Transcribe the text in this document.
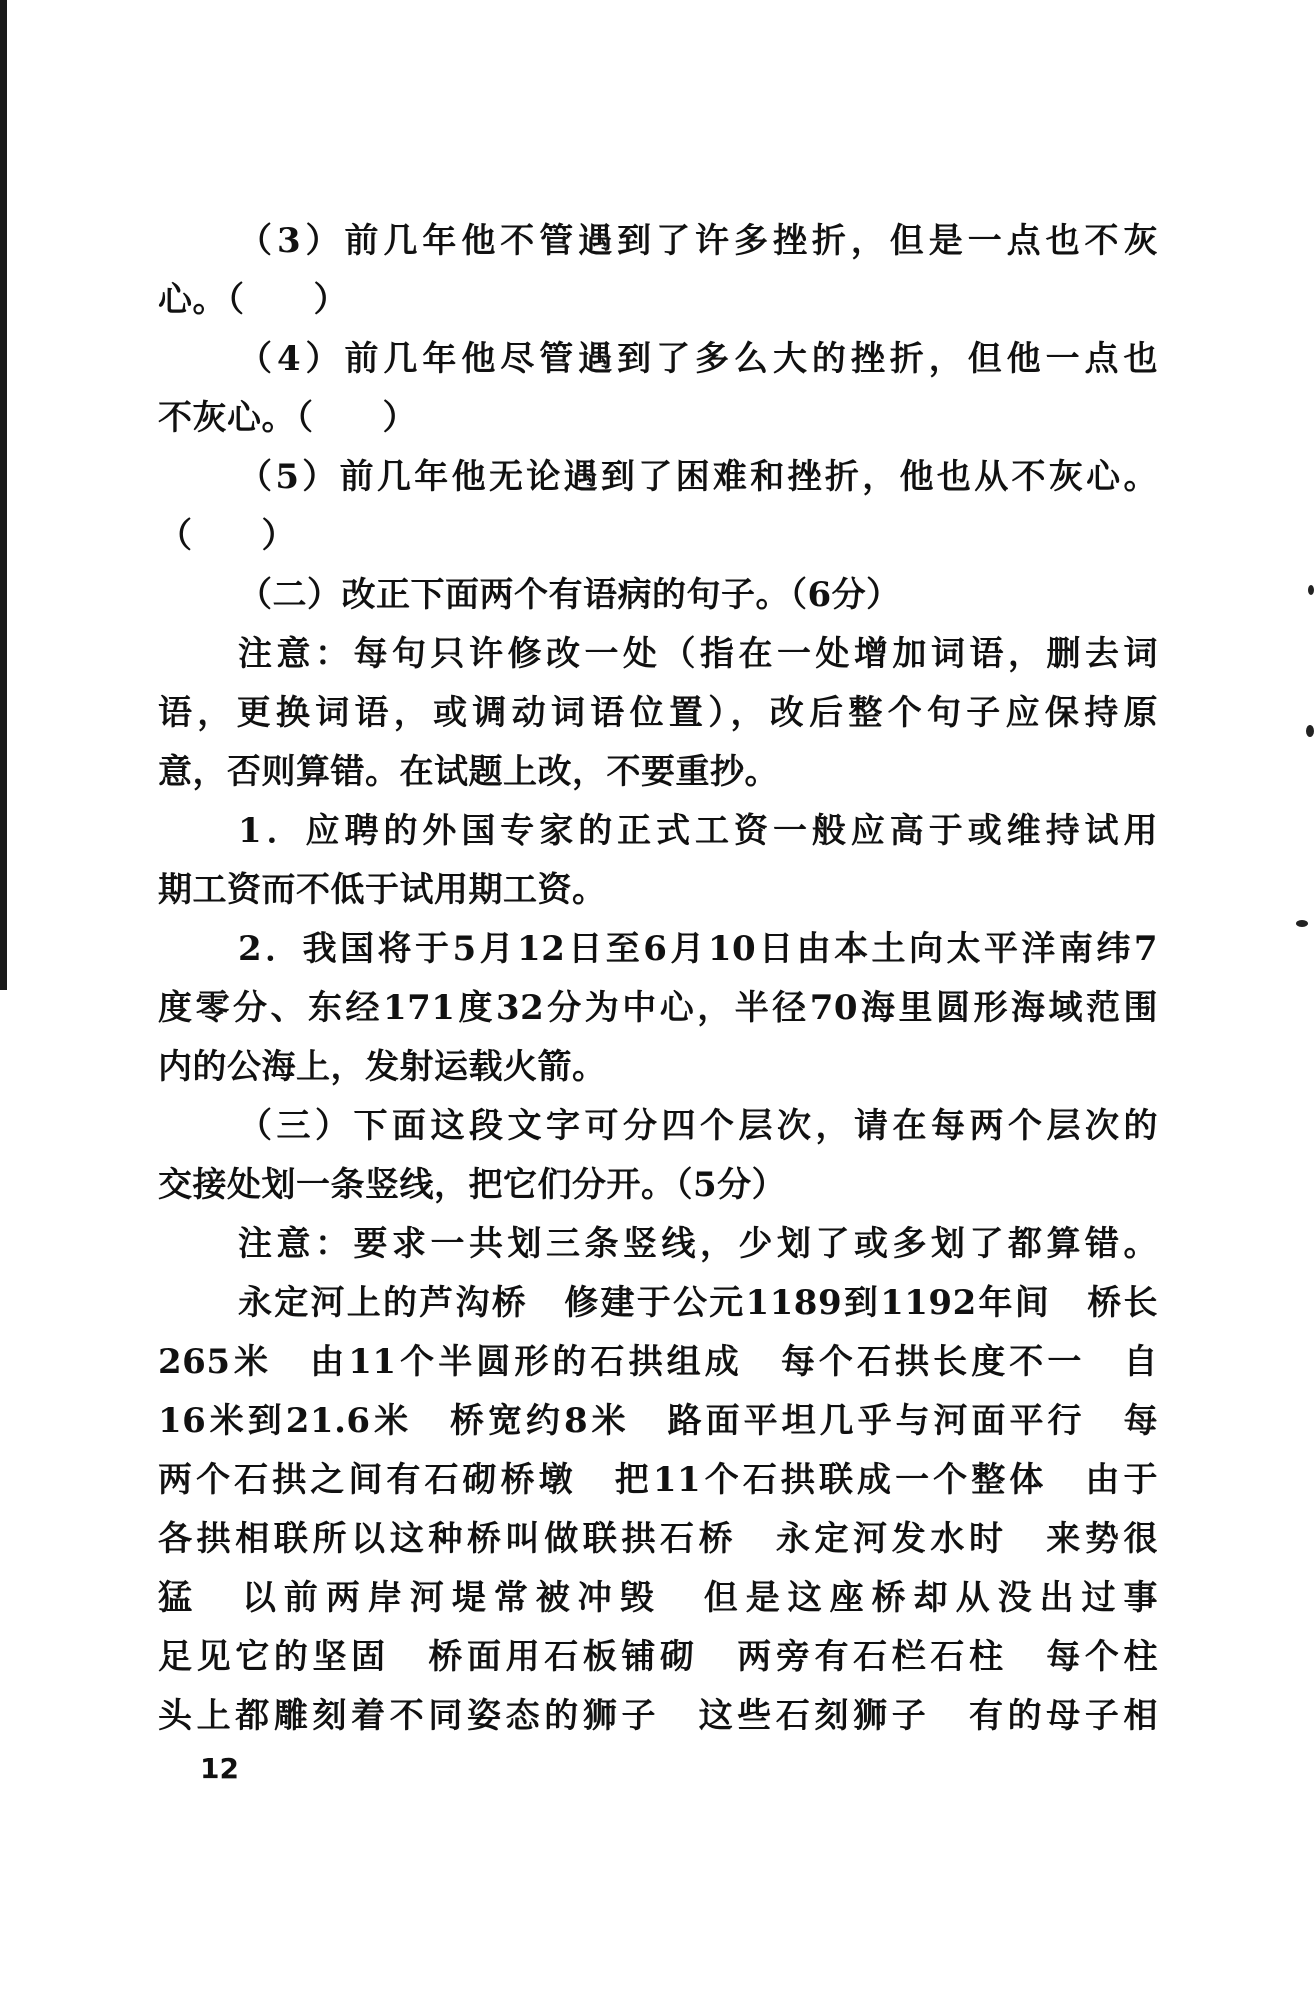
（3）前几年他不管遇到了许多挫折，但是一点也不灰
心。（　　）
（4）前几年他尽管遇到了多么大的挫折，但他一点也
不灰心。（　　）
（5）前几年他无论遇到了困难和挫折，他也从不灰心。
（　　）
（二）改正下面两个有语病的句子。（6分）
注意：每句只许修改一处（指在一处增加词语，删去词
语，更换词语，或调动词语位置），改后整个句子应保持原
意，否则算错。在试题上改，不要重抄。
1．应聘的外国专家的正式工资一般应高于或维持试用
期工资而不低于试用期工资。
2．我国将于5月12日至6月10日由本土向太平洋南纬7
度零分、东经171度32分为中心，半径70海里圆形海域范围
内的公海上，发射运载火箭。
（三）下面这段文字可分四个层次，请在每两个层次的
交接处划一条竖线，把它们分开。（5分）
注意：要求一共划三条竖线，少划了或多划了都算错。
永定河上的芦沟桥　修建于公元1189到1192年间　桥长
265米　由11个半圆形的石拱组成　每个石拱长度不一　自
16米到21.6米　桥宽约8米　路面平坦几乎与河面平行　每
两个石拱之间有石砌桥墩　把11个石拱联成一个整体　由于
各拱相联所以这种桥叫做联拱石桥　永定河发水时　来势很
猛　以前两岸河堤常被冲毁　但是这座桥却从没出过事
足见它的坚固　桥面用石板铺砌　两旁有石栏石柱　每个柱
头上都雕刻着不同姿态的狮子　这些石刻狮子　有的母子相
12
